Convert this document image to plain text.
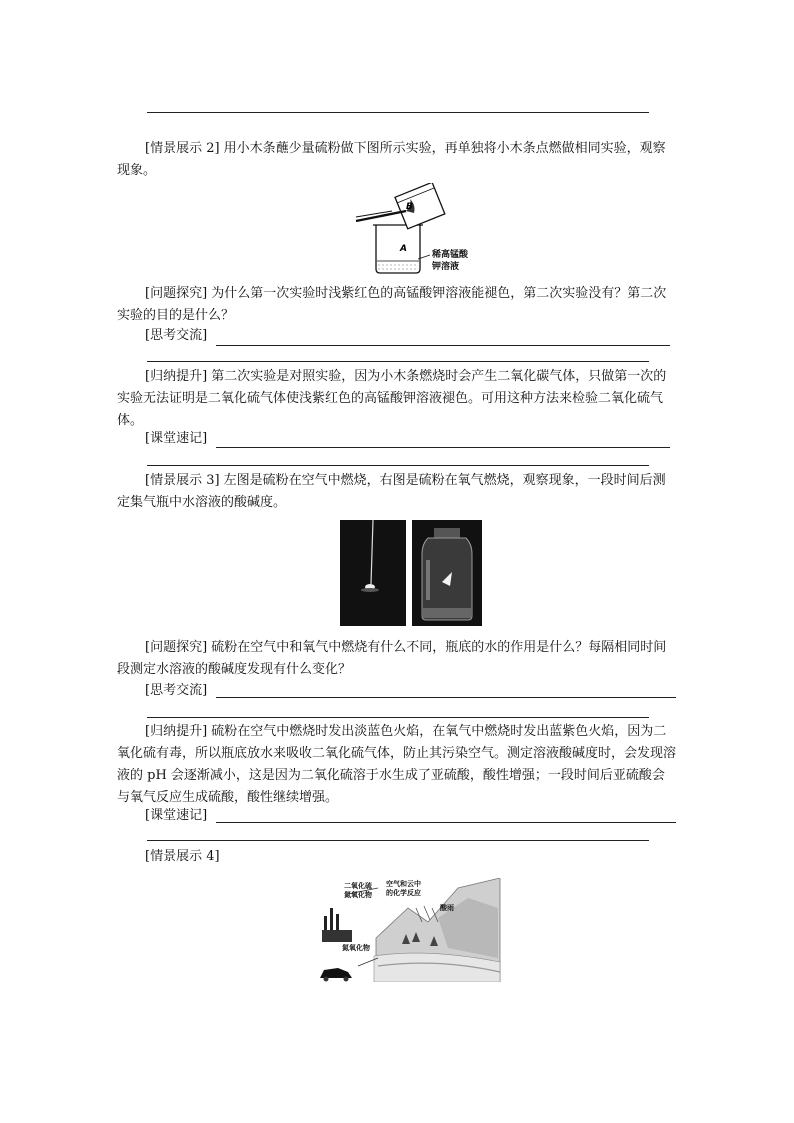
[情景展示 2] 用小木条蘸少量硫粉做下图所示实验，再单独将小木条点燃做相同实验，观察现象。
A
B
稀高锰酸钾溶液
[问题探究] 为什么第一次实验时浅紫红色的高锰酸钾溶液能褪色，第二次实验没有？第二次实验的目的是什么？
[思考交流]
[归纳提升] 第二次实验是对照实验，因为小木条燃烧时会产生二氧化碳气体，只做第一次的实验无法证明是二氧化硫气体使浅紫红色的高锰酸钾溶液褪色。可用这种方法来检验二氧化硫气体。
[课堂速记]
[情景展示 3] 左图是硫粉在空气中燃烧，右图是硫粉在氧气燃烧，观察现象，一段时间后测定集气瓶中水溶液的酸碱度。
[问题探究] 硫粉在空气中和氧气中燃烧有什么不同，瓶底的水的作用是什么？每隔相同时间段测定水溶液的酸碱度发现有什么变化？
[思考交流]
[归纳提升] 硫粉在空气中燃烧时发出淡蓝色火焰，在氧气中燃烧时发出蓝紫色火焰，因为二氧化硫有毒，所以瓶底放水来吸收二氧化硫气体，防止其污染空气。测定溶液酸碱度时，会发现溶液的 pH 会逐渐减小，这是因为二氧化硫溶于水生成了亚硫酸，酸性增强；一段时间后亚硫酸会与氧气反应生成硫酸，酸性继续增强。
[课堂速记]
[情景展示 4]
二氧化硫
氮氧化物
空气和云中
的化学反应
酸雨
氮氧化物
